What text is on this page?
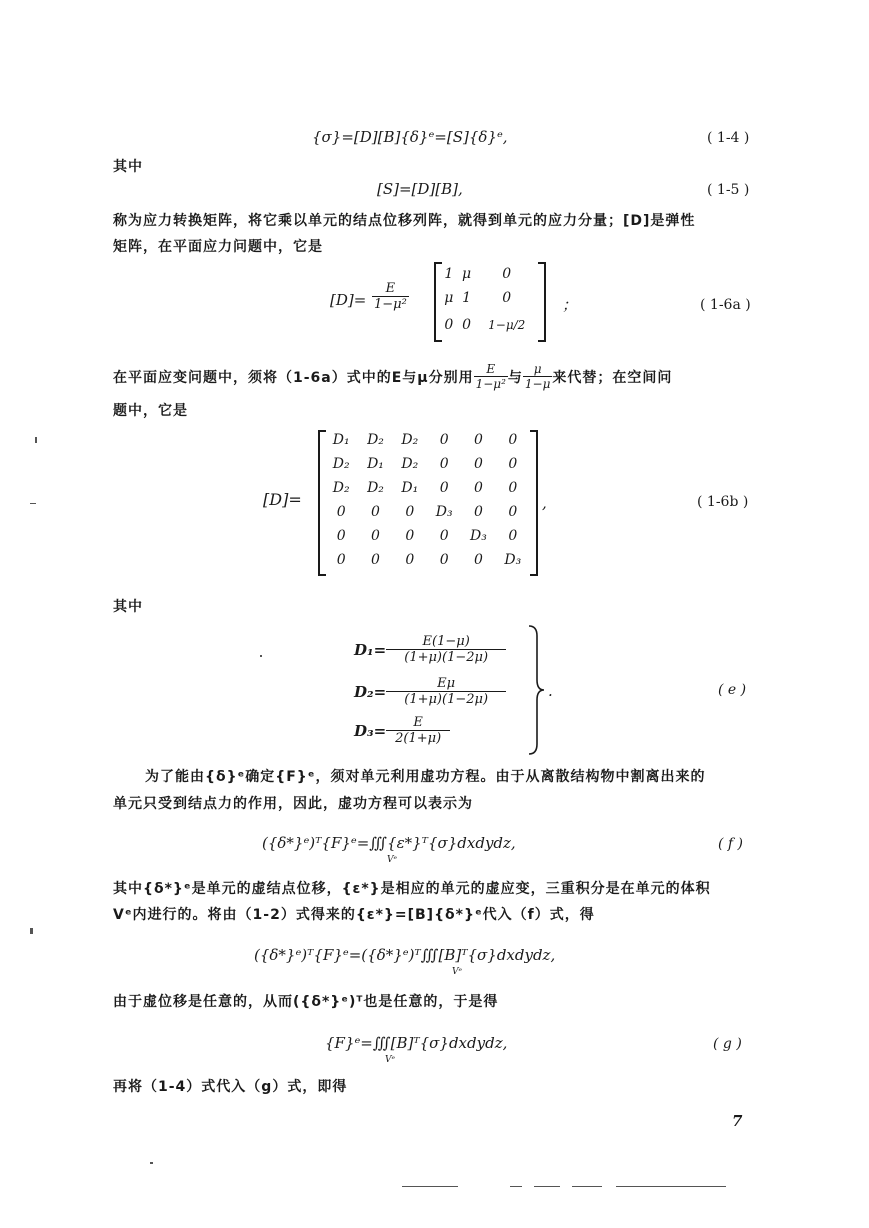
{σ}=[D][B]{δ}ᵉ=[S]{δ}ᵉ,	( 1-4 )
其中
[S]=[D][B],	( 1-5 )
称为应力转换矩阵，将它乘以单元的结点位移列阵，就得到单元的应力分量；[D]是弹性
矩阵，在平面应力问题中，它是
$[D]= \frac{E}{\text{1−μ²}}$
1	μ	0
μ	1	0
0	0	1−μ/2
；	( 1-6a )
在平面应变问题中，须将（1-6a）式中的E与μ分别用 $\frac{E}{\text{1−μ²}}$ 与 $\frac{\mu}{1-\mu}$ 来代替；在空间问
题中，它是
[D]=
D₁	D₂	D₂	0	0	0
D₂	D₁	D₂	0	0	0
D₂	D₂	D₁	0	0	0
0	0	0	D₃	0	0
0	0	0	0	D₃	0
0	0	0	0	0	D₃
,	( 1-6b )
其中
$D_1= \frac{E(1-\mu)}{(1+\mu)(1-2\mu)}$
$D_2= \frac{E\mu}{(1+\mu)(1-2\mu)}$
$D_3= \frac{E}{2(1+\mu)}$
.	( e )
为了能由{δ}ᵉ确定{F}ᵉ，须对单元利用虚功方程。由于从离散结构物中割离出来的
单元只受到结点力的作用，因此，虚功方程可以表示为
({δ*}ᵉ)ᵀ{F}ᵉ=∭{ε*}ᵀ{σ}dxdydz,
Vᵉ
( f )
其中{δ*}ᵉ是单元的虚结点位移，{ε*}是相应的单元的虚应变，三重积分是在单元的体积
Vᵉ内进行的。将由（1-2）式得来的{ε*}=[B]{δ*}ᵉ代入（f）式，得
({δ*}ᵉ)ᵀ{F}ᵉ=({δ*}ᵉ)ᵀ∭[B]ᵀ{σ}dxdydz,
Vᵉ
由于虚位移是任意的，从而({δ*}ᵉ)ᵀ也是任意的，于是得
{F}ᵉ=∭[B]ᵀ{σ}dxdydz,
Vᵉ
( g )
再将（1-4）式代入（g）式，即得
7
